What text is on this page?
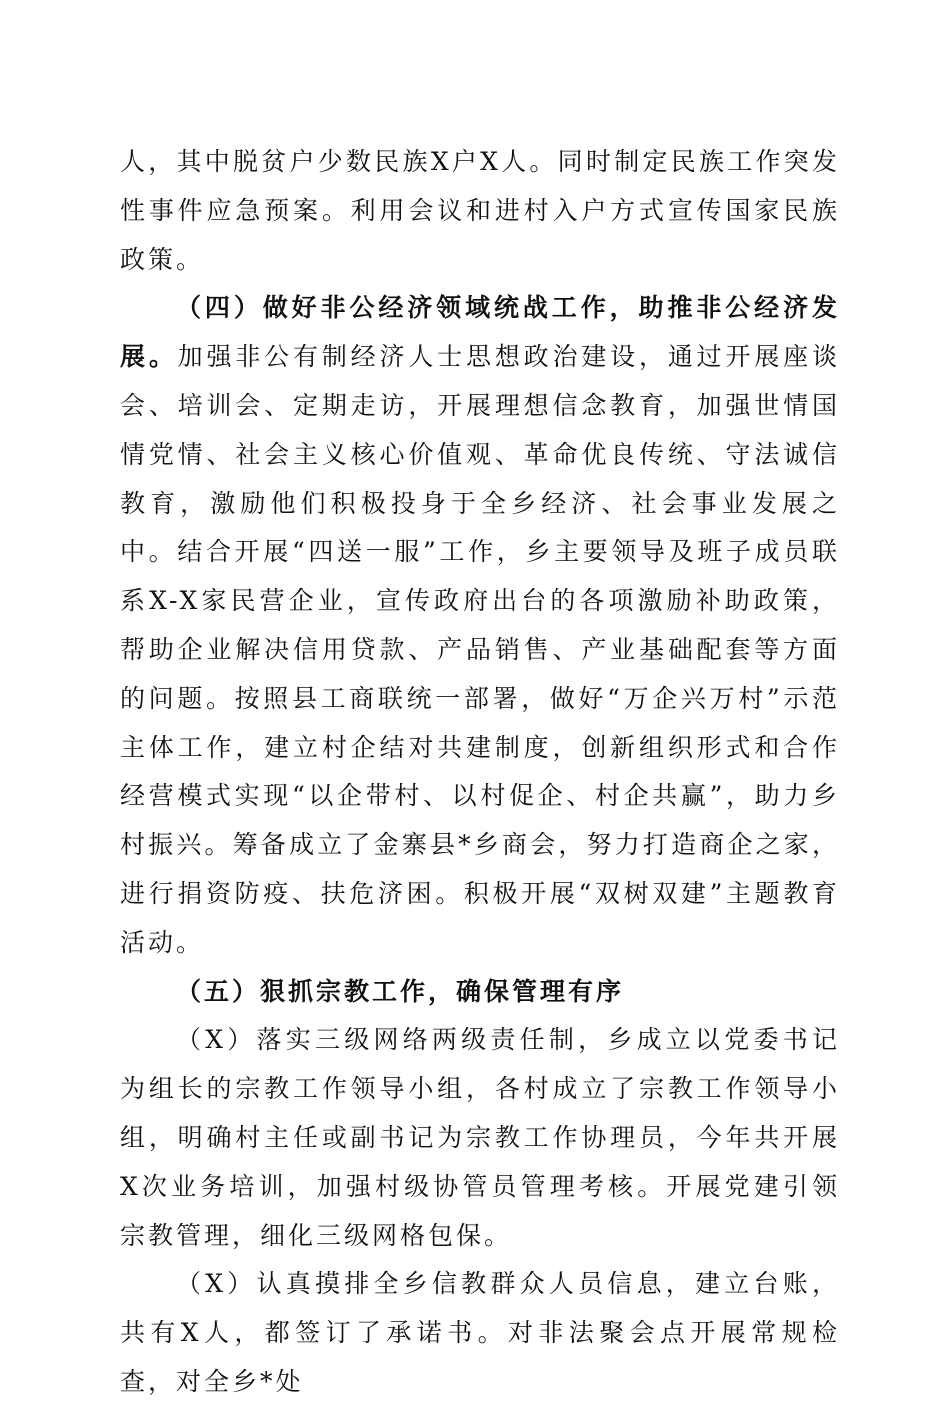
人，其中脱贫户少数民族X户X人。同时制定民族工作突发性事件应急预案。利用会议和进村入户方式宣传国家民族政策。

（四）做好非公经济领域统战工作，助推非公经济发展。加强非公有制经济人士思想政治建设，通过开展座谈会、培训会、定期走访，开展理想信念教育，加强世情国情党情、社会主义核心价值观、革命优良传统、守法诚信教育，激励他们积极投身于全乡经济、社会事业发展之中。结合开展“四送一服”工作，乡主要领导及班子成员联系X-X家民营企业，宣传政府出台的各项激励补助政策，帮助企业解决信用贷款、产品销售、产业基础配套等方面的问题。按照县工商联统一部署，做好“万企兴万村”示范主体工作，建立村企结对共建制度，创新组织形式和合作经营模式实现“以企带村、以村促企、村企共赢”，助力乡村振兴。筹备成立了金寨县*乡商会，努力打造商企之家，进行捐资防疫、扶危济困。积极开展“双树双建”主题教育活动。

（五）狠抓宗教工作，确保管理有序

（X）落实三级网络两级责任制，乡成立以党委书记为组长的宗教工作领导小组，各村成立了宗教工作领导小组，明确村主任或副书记为宗教工作协理员，今年共开展X次业务培训，加强村级协管员管理考核。开展党建引领宗教管理，细化三级网格包保。

（X）认真摸排全乡信教群众人员信息，建立台账，共有X人，都签订了承诺书。对非法聚会点开展常规检查，对全乡*处
